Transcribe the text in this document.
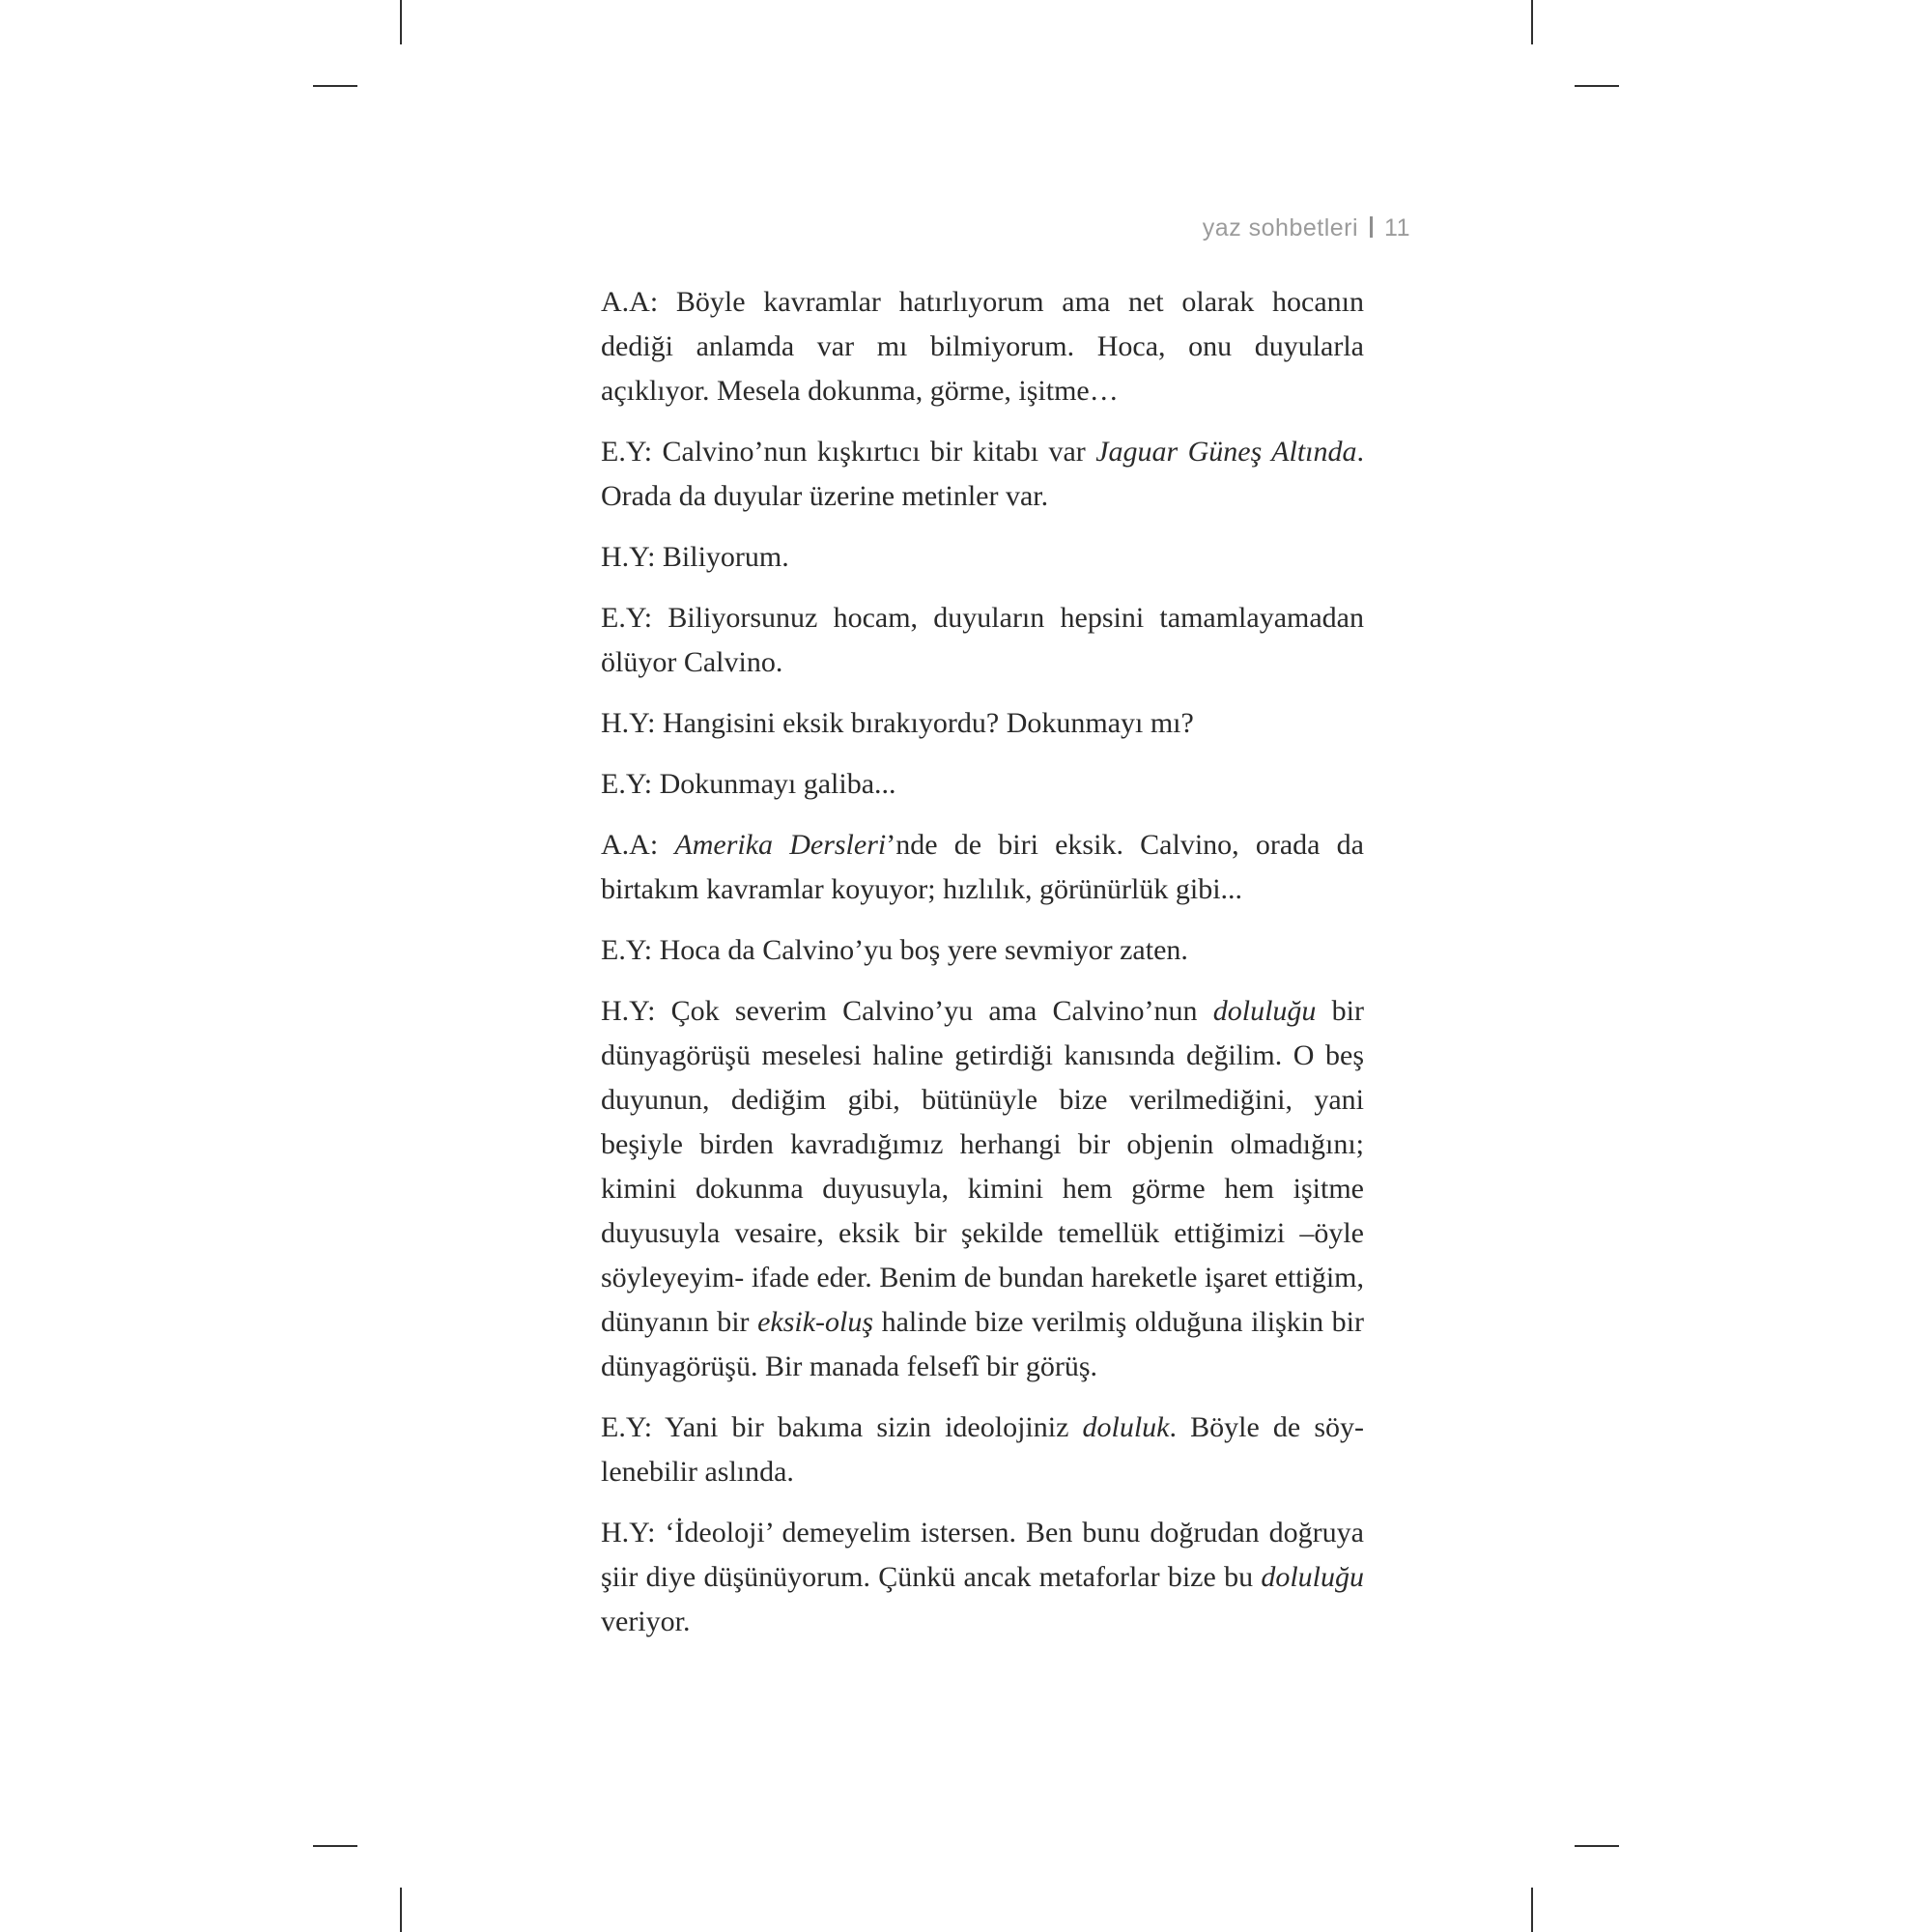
yaz sohbetleri 11

A.A: Böyle kavramlar hatırlıyorum ama net olarak hocanın dediği anlamda var mı bilmiyorum. Hoca, onu duyularla açıklıyor. Mesela dokunma, görme, işitme…

E.Y: Calvino’nun kışkırtıcı bir kitabı var Jaguar Güneş Altında. Orada da duyular üzerine metinler var.

H.Y: Biliyorum.

E.Y: Biliyorsunuz hocam, duyuların hepsini tamamlayamadan ölüyor Calvino.

H.Y: Hangisini eksik bırakıyordu? Dokunmayı mı?

E.Y: Dokunmayı galiba...

A.A: Amerika Dersleri’nde de biri eksik. Calvino, orada da birtakım kavramlar koyuyor; hızlılık, görünürlük gibi...

E.Y: Hoca da Calvino’yu boş yere sevmiyor zaten.

H.Y: Çok severim Calvino’yu ama Calvino’nun doluluğu bir dünyagörüşü meselesi haline getirdiği kanısında değilim. O beş duyunun, dediğim gibi, bütünüyle bize verilmediğini, yani beşiyle birden kavradığımız herhangi bir objenin olmadığını; kimini dokunma duyusuyla, kimini hem görme hem işitme duyusuyla vesaire, eksik bir şekilde temellük ettiğimizi –öyle söyleyeyim- ifade eder. Benim de bundan hareketle işaret ettiğim, dünyanın bir eksik-oluş halinde bize verilmiş olduğuna ilişkin bir dünyagörüşü. Bir manada felsefî bir görüş.

E.Y: Yani bir bakıma sizin ideolojiniz doluluk. Böyle de söylenebilir aslında.

H.Y: ‘İdeoloji’ demeyelim istersen. Ben bunu doğrudan doğruya şiir diye düşünüyorum. Çünkü ancak metaforlar bize bu doluluğu veriyor.
